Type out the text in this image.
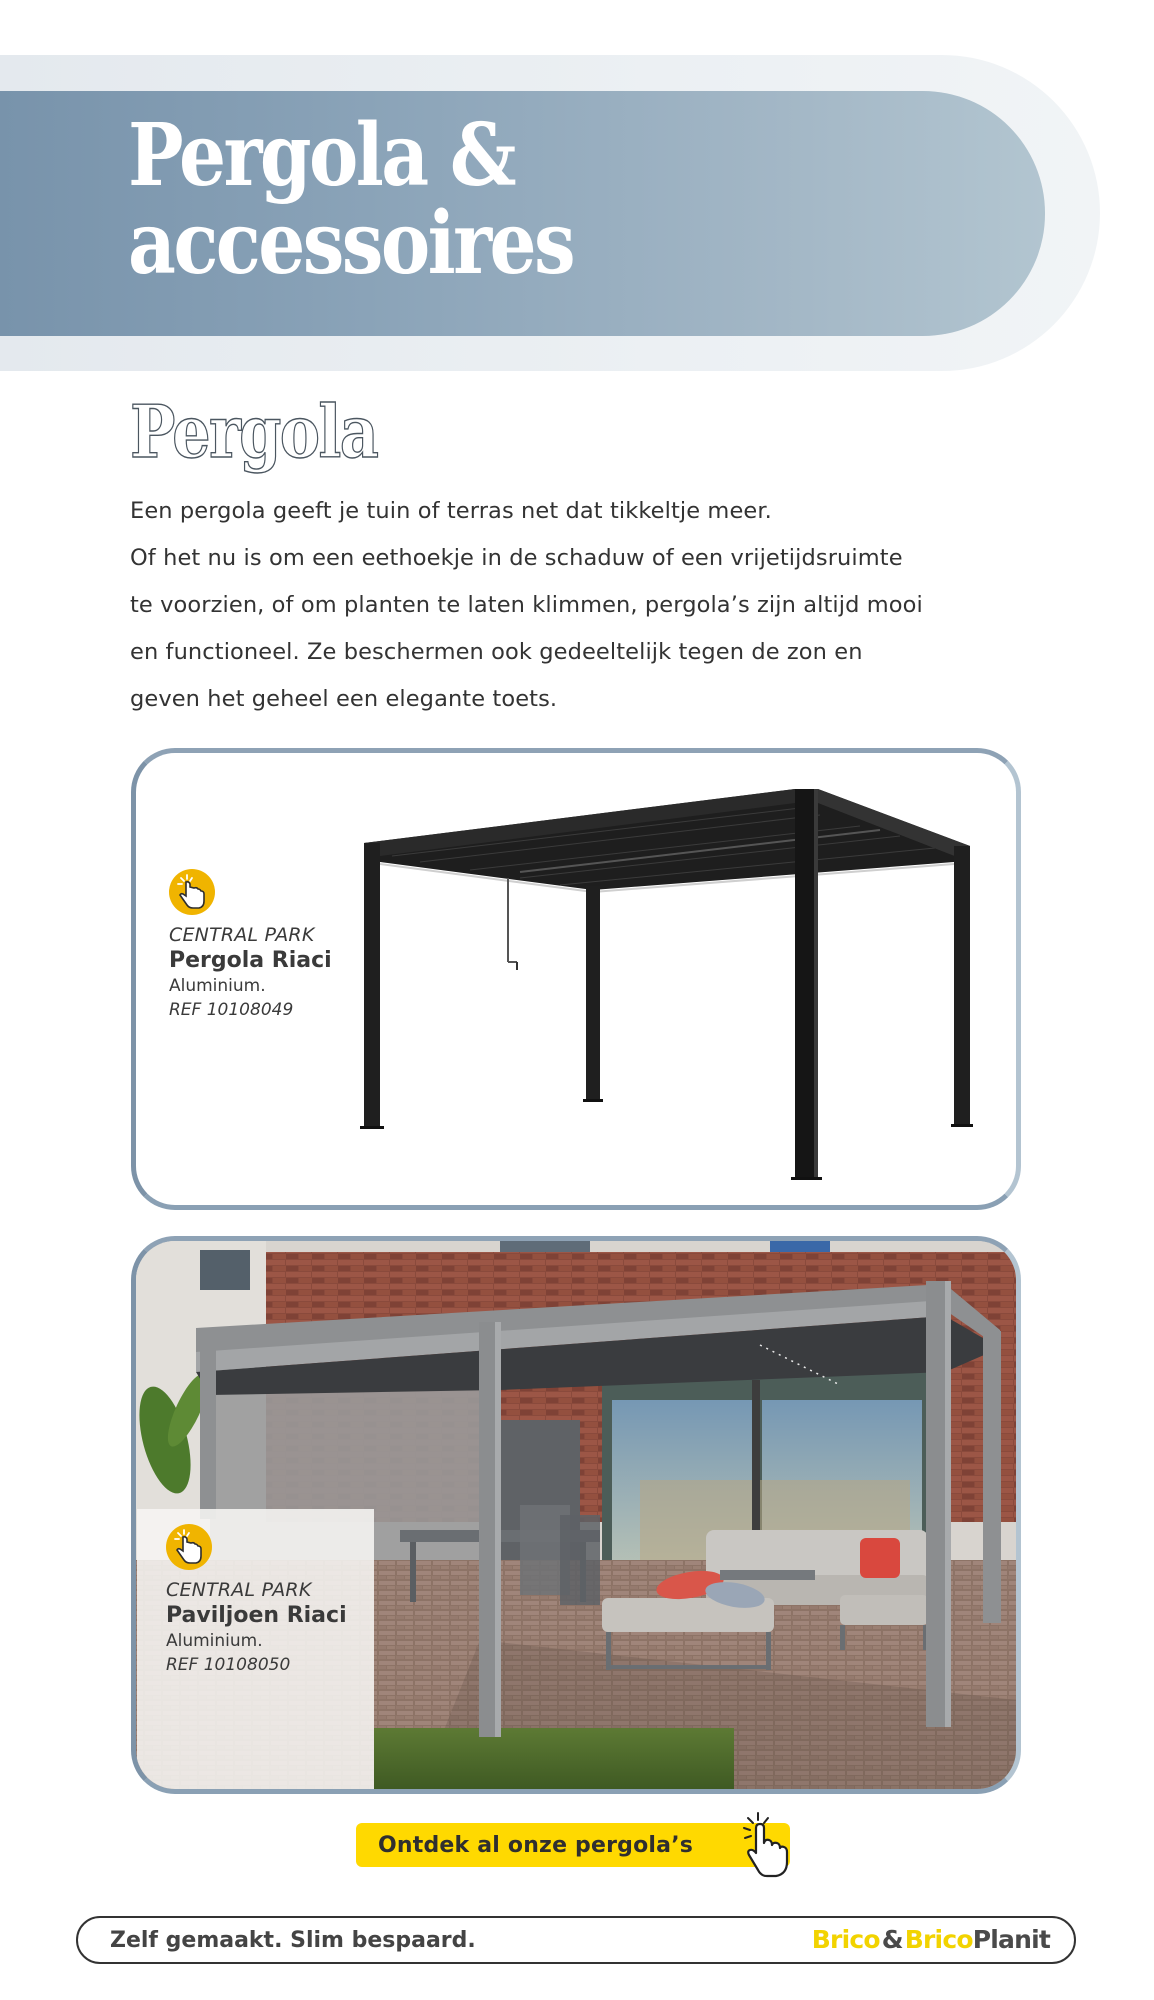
Pergola &
accessoires
Pergola
Een pergola geeft je tuin of terras net dat tikkeltje meer.
Of het nu is om een eethoekje in de schaduw of een vrijetijdsruimte
te voorzien, of om planten te laten klimmen, pergola’s zijn altijd mooi
en functioneel. Ze beschermen ook gedeeltelijk tegen de zon en
geven het geheel een elegante toets.
CENTRAL PARK
Pergola Riaci
Aluminium.
REF 10108049
CENTRAL PARK
Paviljoen Riaci
Aluminium.
REF 10108050
Ontdek al onze pergola’s
Zelf gemaakt. Slim bespaard.	Brico&BricoPlanit
